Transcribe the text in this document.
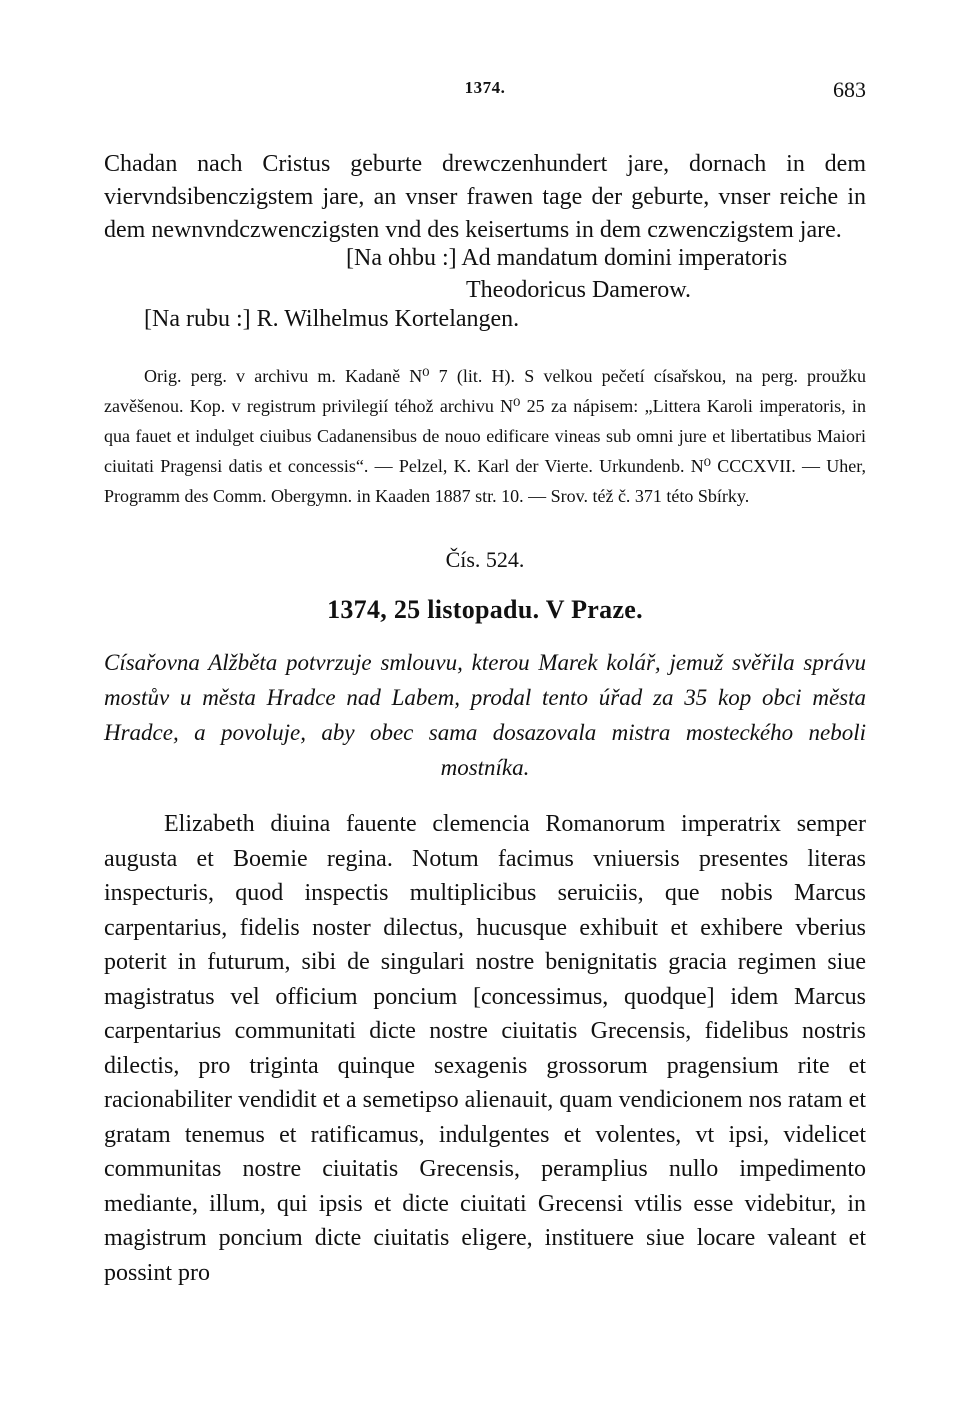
1374.	683

Chadan nach Cristus geburte drewczenhundert jare, dornach in dem viervndsibenczigstem jare, an vnser frawen tage der geburte, vnser reiche in dem newnvndczwenczigsten vnd des keisertums in dem czwenczigstem jare.

[Na ohbu :] Ad mandatum domini imperatoris
Theodoricus Damerow.
[Na rubu :] R. Wilhelmus Kortelangen.

Orig. perg. v archivu m. Kadaně N⁰ 7 (lit. H). S velkou pečetí císařskou, na perg. proužku zavěšenou. Kop. v registrum privilegií téhož archivu N⁰ 25 za nápisem: „Littera Karoli imperatoris, in qua fauet et indulget ciuibus Cadanensibus de nouo edificare vineas sub omni jure et libertatibus Maiori ciuitati Pragensi datis et concessis“. — Pelzel, K. Karl der Vierte. Urkundenb. N⁰ CCCXVII. — Uher, Programm des Comm. Obergymn. in Kaaden 1887 str. 10. — Srov. též č. 371 této Sbírky.

Čís. 524.
1374, 25 listopadu. V Praze.

Císařovna Alžběta potvrzuje smlouvu, kterou Marek kolář, jemuž svěřila správu mostův u města Hradce nad Labem, prodal tento úřad za 35 kop obci města Hradce, a povoluje, aby obec sama dosazovala mistra mosteckého neboli mostníka.

Elizabeth diuina fauente clemencia Romanorum imperatrix semper augusta et Boemie regina. Notum facimus vniuersis presentes literas inspecturis, quod inspectis multiplicibus seruiciis, que nobis Marcus carpentarius, fidelis noster dilectus, hucusque exhibuit et exhibere vberius poterit in futurum, sibi de singulari nostre benignitatis gracia regimen siue magistratus vel officium poncium [concessimus, quodque] idem Marcus carpentarius communitati dicte nostre ciuitatis Grecensis, fidelibus nostris dilectis, pro triginta quinque sexagenis grossorum pragensium rite et racionabiliter vendidit et a semetipso alienauit, quam vendicionem nos ratam et gratam tenemus et ratificamus, indulgentes et volentes, vt ipsi, videlicet communitas nostre ciuitatis Grecensis, peramplius nullo impedimento mediante, illum, qui ipsis et dicte ciuitati Grecensi vtilis esse videbitur, in magistrum poncium dicte ciuitatis eligere, instituere siue locare valeant et possint pro
